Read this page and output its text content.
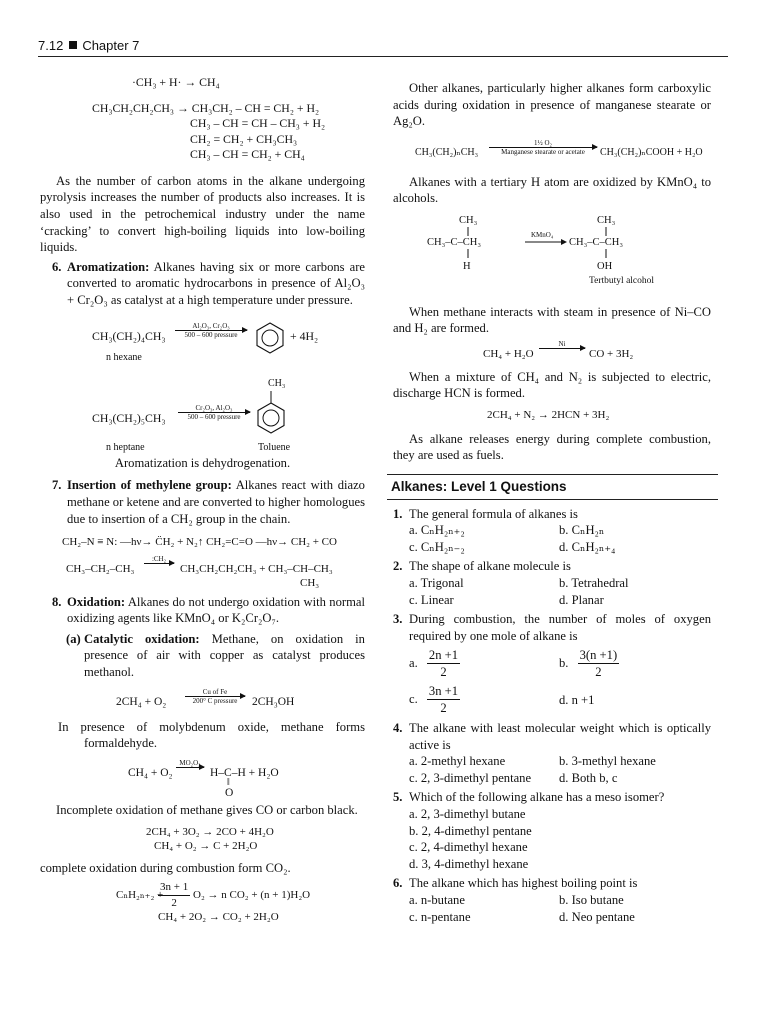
7.12 Chapter 7
·CH₃ + H· → CH₄
CH₃CH₂CH₂CH₃ → CH₃CH₂ – CH = CH₂ + H₂
CH₃ – CH = CH – CH₃ + H₂
CH₂ = CH₂ + CH₃CH₃
CH₃ – CH = CH₂ + CH₄

As the number of carbon atoms in the alkane undergoing pyrolysis increases the number of products also increases. It is also used in the petrochemical industry under the name ‘cracking’ to convert high-boiling liquids into low-boiling liquids.

6. Aromatization: Alkanes having six or more carbons are converted to aromatic hydrocarbons in presence of Al₂O₃ + Cr₂O₃ as catalyst at a high temperature under pressure.
CH₃(CH₂)₄CH₃
Al₂O₃, Cr₂O₃
500 – 600 pressure	+ 4H₂
n hexane
CH₃
CH₃(CH₂)₅CH₃
Cr₂O₃, Al₂O₃
500 – 600 pressure
n heptane	Toluene

Aromatization is dehydrogenation.

7. Insertion of methylene group: Alkanes react with diazo methane or ketene and are converted to higher homologues due to insertion of a CH₂ group in the chain.
CH₂–N ≡ N: —hν→ C̈H₂ + N₂↑ CH₂=C=O —hν→ CH₂ + CO
CH₃–CH₂–CH₃
:CH₂
CH₃CH₂CH₂CH₃ + CH₃–CH–CH₃
CH₃
8. Oxidation: Alkanes do not undergo oxidation with normal oxidizing agents like KMnO₄ or K₂Cr₂O₇.
(a) Catalytic oxidation: Methane, on oxidation in presence of air with copper as catalyst produces methanol.
2CH₄ + O₂
Cu of Fe
200° C pressure	2CH₃OH

In presence of molybdenum oxide, methane forms formaldehyde.

CH₄ + O₂
MO₂O₃
H–C–H + H₂O
‖
O

Incomplete oxidation of methane gives CO or carbon black.

2CH₄ + 3O₂ → 2CO + 4H₂O
CH₄ + O₂ → C + 2H₂O

complete oxidation during combustion form CO₂.

CₙH₂ₙ₊₂ +
$\frac{3n + 1}{2} O_2 \to n$ CO₂ + (n + 1)H₂O
CH₄ + 2O₂ → CO₂ + 2H₂O

Other alkanes, particularly higher alkanes form carboxylic acids during oxidation in presence of manganese stearate or Ag₂O.

CH₃(CH₂)ₙCH₃
1½ O₂
Manganese stearate or acetate	CH₃(CH₂)ₙCOOH + H₂O

Alkanes with a tertiary H atom are oxidized by KMnO₄ to alcohols.

CH₃
CH₃–C–CH₃
H
KMnO₄
CH₃
CH₃–C–CH₃
OH
Tertbutyl alcohol

When methane interacts with steam in presence of Ni–CO and H₂ are formed.

CH₄ + H₂O
Ni
CO + 3H₂

When a mixture of CH₄ and N₂ is subjected to electric, discharge HCN is formed.

2CH₄ + N₂ → 2HCN + 3H₂

As alkane releases energy during complete combustion, they are used as fuels.

Alkanes: Level 1 Questions
1. The general formula of alkanes is
a. CₙH₂ₙ₊₂	b. CₙH₂ₙ
c. CₙH₂ₙ₋₂	d. CₙH₂ₙ₊₄
2. The shape of alkane molecule is
a. Trigonal	b. Tetrahedral
c. Linear	d. Planar
3. During combustion, the number of moles of oxygen required by one mole of alkane is
a. $\frac{2n +1}{2}$	b. $\frac{3(n +1)}{2}$
c. $\frac{3n +1}{2}$	d. n +1
4. The alkane with least molecular weight which is optically active is
a. 2-methyl hexane	b. 3-methyl hexane
c. 2, 3-dimethyl pentane	d. Both b, c
5. Which of the following alkane has a meso isomer?
a. 2, 3-dimethyl butane
b. 2, 4-dimethyl pentane
c. 2, 4-dimethyl hexane
d. 3, 4-dimethyl hexane
6. The alkane which has highest boiling point is
a. n-butane	b. Iso butane
c. n-pentane	d. Neo pentane
